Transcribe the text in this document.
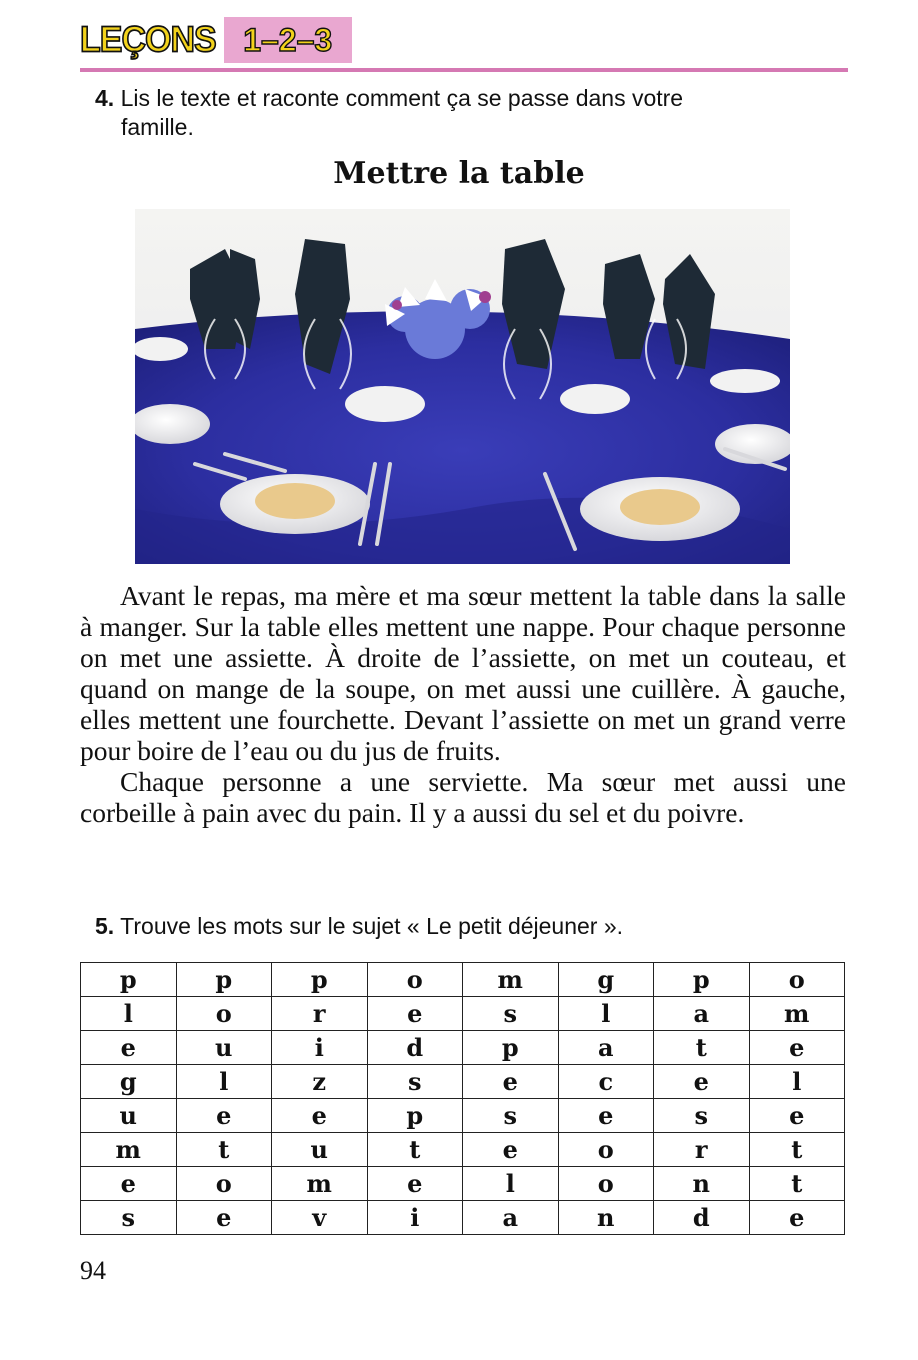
LEÇONS 1–2–3
4. Lis le texte et raconte comment ça se passe dans votre
famille.
Mettre la table

Avant le repas, ma mère et ma sœur mettent la table dans la salle à manger. Sur la table elles mettent une nappe. Pour chaque personne on met une assiette. À droite de l’assiette, on met un couteau, et quand on mange de la soupe, on met aussi une cuillère. À gauche, elles mettent une fourchette. Devant l’assiette on met un grand verre pour boire de l’eau ou du jus de fruits.

Chaque personne a une serviette. Ma sœur met aussi une corbeille à pain avec du pain. Il y a aussi du sel et du poivre.

5. Trouve les mots sur le sujet « Le petit déjeuner ».
p	p	p	o	m	g	p	o
l	o	r	e	s	l	a	m
e	u	i	d	p	a	t	e
g	l	z	s	e	c	e	l
u	e	e	p	s	e	s	e
m	t	u	t	e	o	r	t
e	o	m	e	l	o	n	t
s	e	v	i	a	n	d	e
94
